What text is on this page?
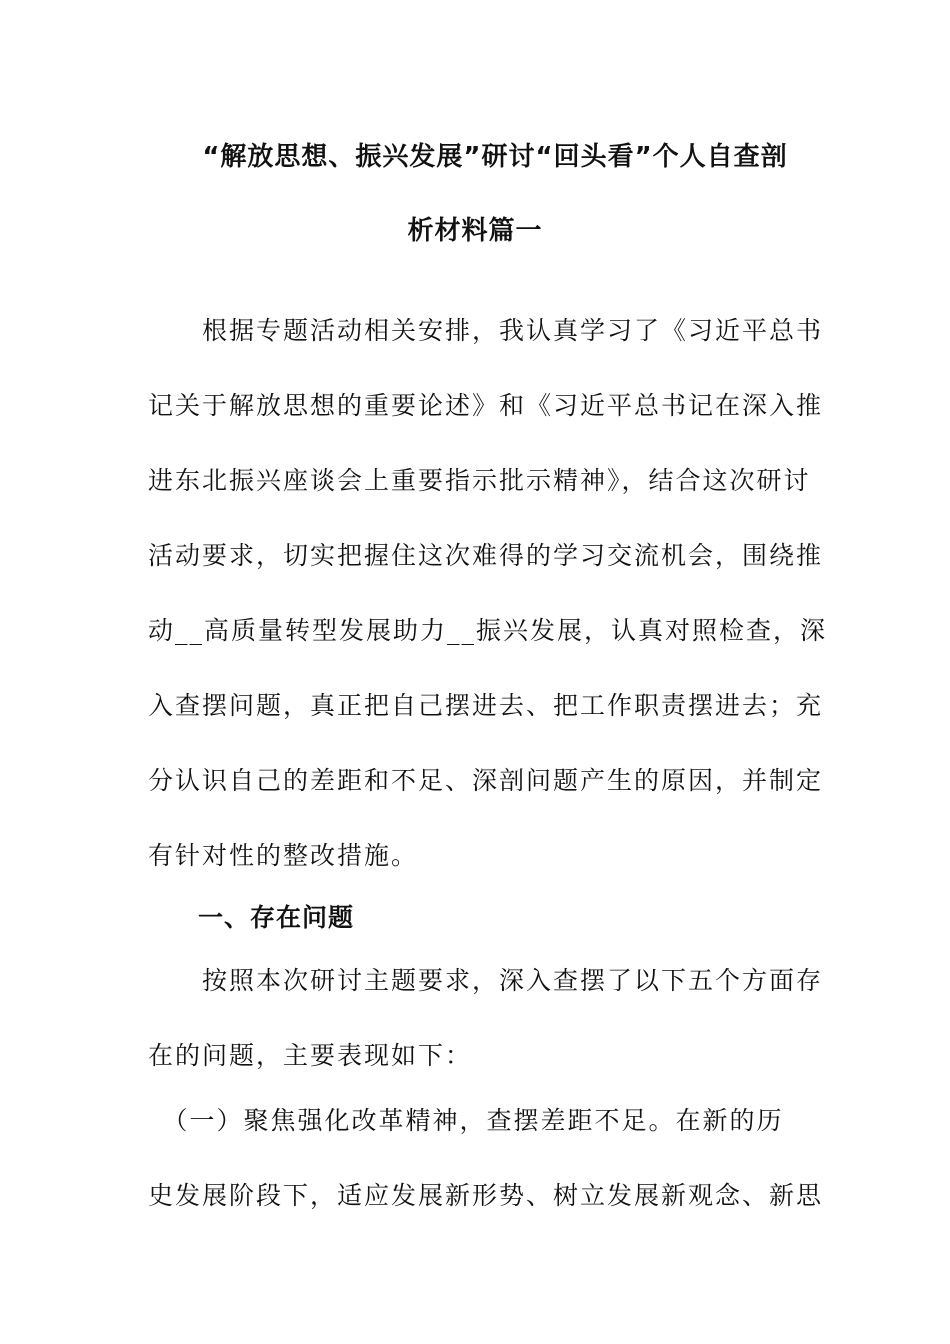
“解放思想、振兴发展”研讨“回头看”个人自查剖
析材料篇一
　　根据专题活动相关安排，我认真学习了《习近平总书
记关于解放思想的重要论述》和《习近平总书记在深入推
进东北振兴座谈会上重要指示批示精神》，结合这次研讨
活动要求，切实把握住这次难得的学习交流机会，围绕推
动__高质量转型发展助力__振兴发展，认真对照检查，深
入查摆问题，真正把自己摆进去、把工作职责摆进去；充
分认识自己的差距和不足、深剖问题产生的原因，并制定
有针对性的整改措施。
一、存在问题
　　按照本次研讨主题要求，深入查摆了以下五个方面存
在的问题，主要表现如下：
　（一）聚焦强化改革精神，查摆差距不足。在新的历
史发展阶段下，适应发展新形势、树立发展新观念、新思
